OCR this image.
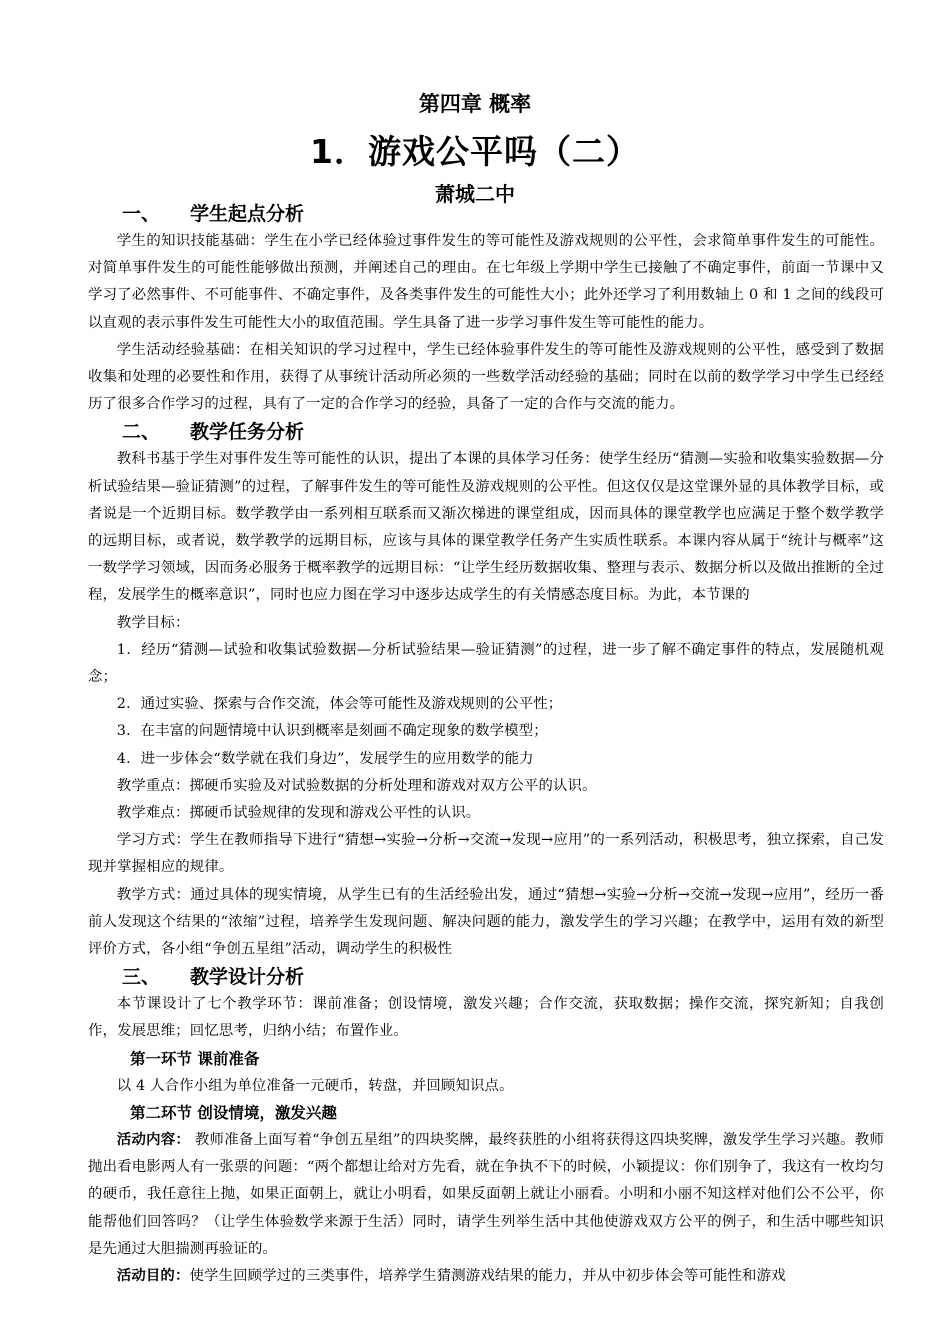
第四章 概率
1．游戏公平吗（二）
萧城二中
一、 学生起点分析

学生的知识技能基础：学生在小学已经体验过事件发生的等可能性及游戏规则的公平性，会求简单事件发生的可能性。对简单事件发生的可能性能够做出预测，并阐述自己的理由。在七年级上学期中学生已接触了不确定事件，前面一节课中又学习了必然事件、不可能事件、不确定事件，及各类事件发生的可能性大小；此外还学习了利用数轴上 0 和 1 之间的线段可以直观的表示事件发生可能性大小的取值范围。学生具备了进一步学习事件发生等可能性的能力。

学生活动经验基础：在相关知识的学习过程中，学生已经体验事件发生的等可能性及游戏规则的公平性，感受到了数据收集和处理的必要性和作用，获得了从事统计活动所必须的一些数学活动经验的基础；同时在以前的数学学习中学生已经经历了很多合作学习的过程，具有了一定的合作学习的经验，具备了一定的合作与交流的能力。

二、 教学任务分析

教科书基于学生对事件发生等可能性的认识，提出了本课的具体学习任务：使学生经历“猜测—实验和收集实验数据—分析试验结果—验证猜测”的过程，了解事件发生的等可能性及游戏规则的公平性。但这仅仅是这堂课外显的具体教学目标，或者说是一个近期目标。数学教学由一系列相互联系而又渐次梯进的课堂组成，因而具体的课堂教学也应满足于整个数学教学的远期目标，或者说，数学教学的远期目标，应该与具体的课堂教学任务产生实质性联系。本课内容从属于“统计与概率”这一数学学习领域，因而务必服务于概率教学的远期目标：“让学生经历数据收集、整理与表示、数据分析以及做出推断的全过程，发展学生的概率意识”，同时也应力图在学习中逐步达成学生的有关情感态度目标。为此，本节课的

教学目标：

1．经历“猜测—试验和收集试验数据—分析试验结果—验证猜测”的过程，进一步了解不确定事件的特点，发展随机观念；

2．通过实验、探索与合作交流，体会等可能性及游戏规则的公平性；

3．在丰富的问题情境中认识到概率是刻画不确定现象的数学模型；

4．进一步体会“数学就在我们身边”，发展学生的应用数学的能力

教学重点：掷硬币实验及对试验数据的分析处理和游戏对双方公平的认识。

教学难点：掷硬币试验规律的发现和游戏公平性的认识。

学习方式：学生在教师指导下进行“猜想→实验→分析→交流→发现→应用”的一系列活动，积极思考，独立探索，自己发现并掌握相应的规律。

教学方式：通过具体的现实情境，从学生已有的生活经验出发，通过“猜想→实验→分析→交流→发现→应用”，经历一番前人发现这个结果的“浓缩”过程，培养学生发现问题、解决问题的能力，激发学生的学习兴趣；在教学中，运用有效的新型评价方式，各小组“争创五星组”活动，调动学生的积极性

三、 教学设计分析

本节课设计了七个教学环节：课前准备；创设情境，激发兴趣；合作交流，获取数据；操作交流，探究新知；自我创作，发展思维；回忆思考，归纳小结；布置作业。

第一环节 课前准备

以 4 人合作小组为单位准备一元硬币，转盘，并回顾知识点。

第二环节 创设情境，激发兴趣

活动内容： 教师准备上面写着“争创五星组”的四块奖牌，最终获胜的小组将获得这四块奖牌，激发学生学习兴趣。教师抛出看电影两人有一张票的问题：“两个都想让给对方先看，就在争执不下的时候，小颖提议：你们别争了，我这有一枚均匀的硬币，我任意往上抛，如果正面朝上，就让小明看，如果反面朝上就让小丽看。小明和小丽不知这样对他们公不公平，你能帮他们回答吗？（让学生体验数学来源于生活）同时，请学生列举生活中其他使游戏双方公平的例子，和生活中哪些知识是先通过大胆揣测再验证的。

活动目的：使学生回顾学过的三类事件，培养学生猜测游戏结果的能力，并从中初步体会等可能性和游戏
